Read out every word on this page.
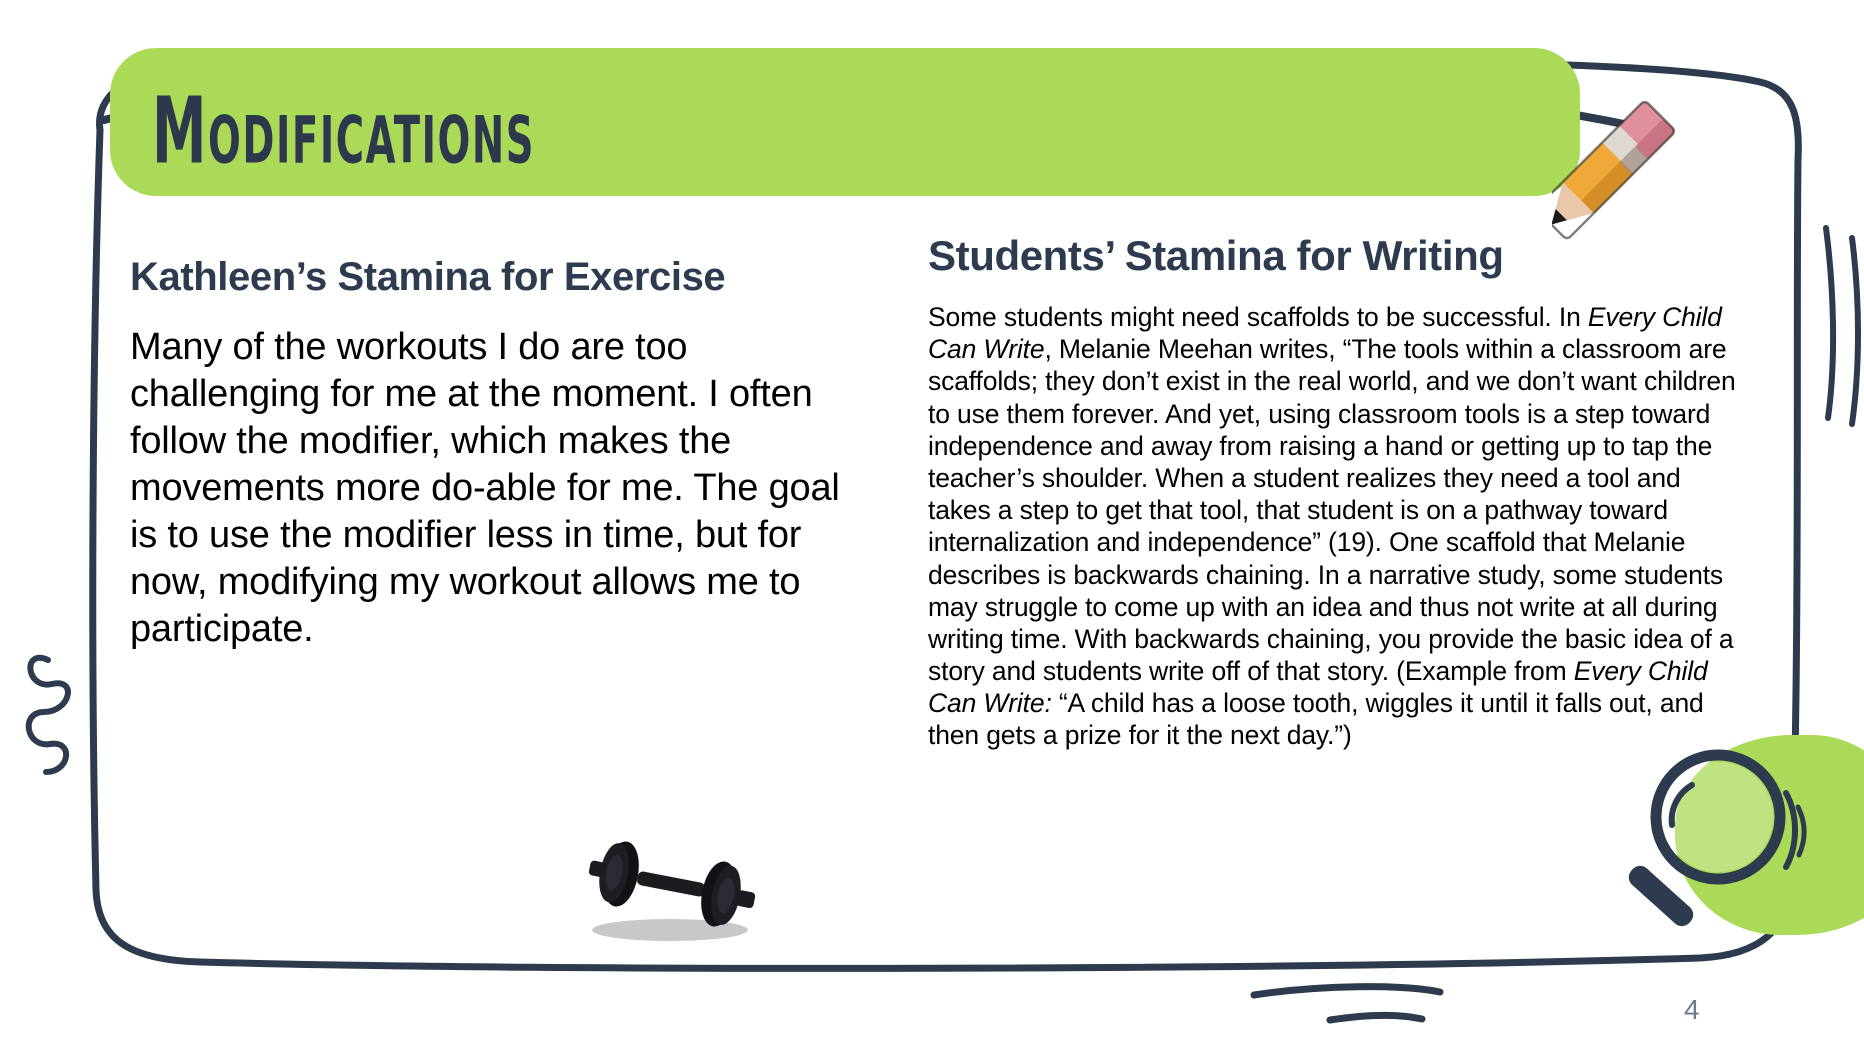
Modifications
Kathleen’s Stamina for Exercise

Many of the workouts I do are too challenging for me at the moment. I often follow the modifier, which makes the movements more do-able for me. The goal is to use the modifier less in time, but for now, modifying my workout allows me to participate.

Students’ Stamina for Writing

Some students might need scaffolds to be successful. In Every Child Can Write, Melanie Meehan writes, “The tools within a classroom are scaffolds; they don’t exist in the real world, and we don’t want children to use them forever. And yet, using classroom tools is a step toward independence and away from raising a hand or getting up to tap the teacher’s shoulder. When a student realizes they need a tool and takes a step to get that tool, that student is on a pathway toward internalization and independence” (19). One scaffold that Melanie describes is backwards chaining. In a narrative study, some students may struggle to come up with an idea and thus not write at all during writing time. With backwards chaining, you provide the basic idea of a story and students write off of that story. (Example from Every Child Can Write: “A child has a loose tooth, wiggles it until it falls out, and then gets a prize for it the next day.”)

4
